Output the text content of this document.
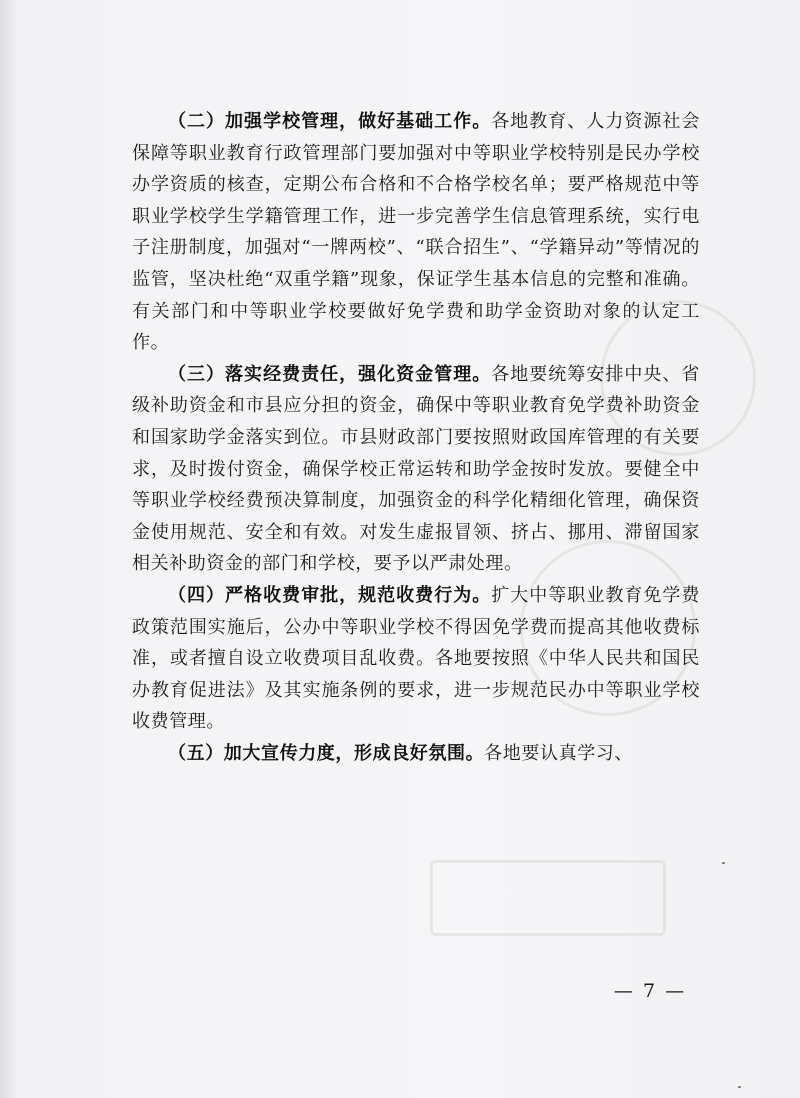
（二）加强学校管理，做好基础工作。各地教育、人力资源社会保障等职业教育行政管理部门要加强对中等职业学校特别是民办学校办学资质的核查，定期公布合格和不合格学校名单；要严格规范中等职业学校学生学籍管理工作，进一步完善学生信息管理系统，实行电子注册制度，加强对“一牌两校”、“联合招生”、“学籍异动”等情况的监管，坚决杜绝“双重学籍”现象，保证学生基本信息的完整和准确。有关部门和中等职业学校要做好免学费和助学金资助对象的认定工作。

（三）落实经费责任，强化资金管理。各地要统筹安排中央、省级补助资金和市县应分担的资金，确保中等职业教育免学费补助资金和国家助学金落实到位。市县财政部门要按照财政国库管理的有关要求，及时拨付资金，确保学校正常运转和助学金按时发放。要健全中等职业学校经费预决算制度，加强资金的科学化精细化管理，确保资金使用规范、安全和有效。对发生虚报冒领、挤占、挪用、滞留国家相关补助资金的部门和学校，要予以严肃处理。

（四）严格收费审批，规范收费行为。扩大中等职业教育免学费政策范围实施后，公办中等职业学校不得因免学费而提高其他收费标准，或者擅自设立收费项目乱收费。各地要按照《中华人民共和国民办教育促进法》及其实施条例的要求，进一步规范民办中等职业学校收费管理。

（五）加大宣传力度，形成良好氛围。各地要认真学习、

— 7 —
